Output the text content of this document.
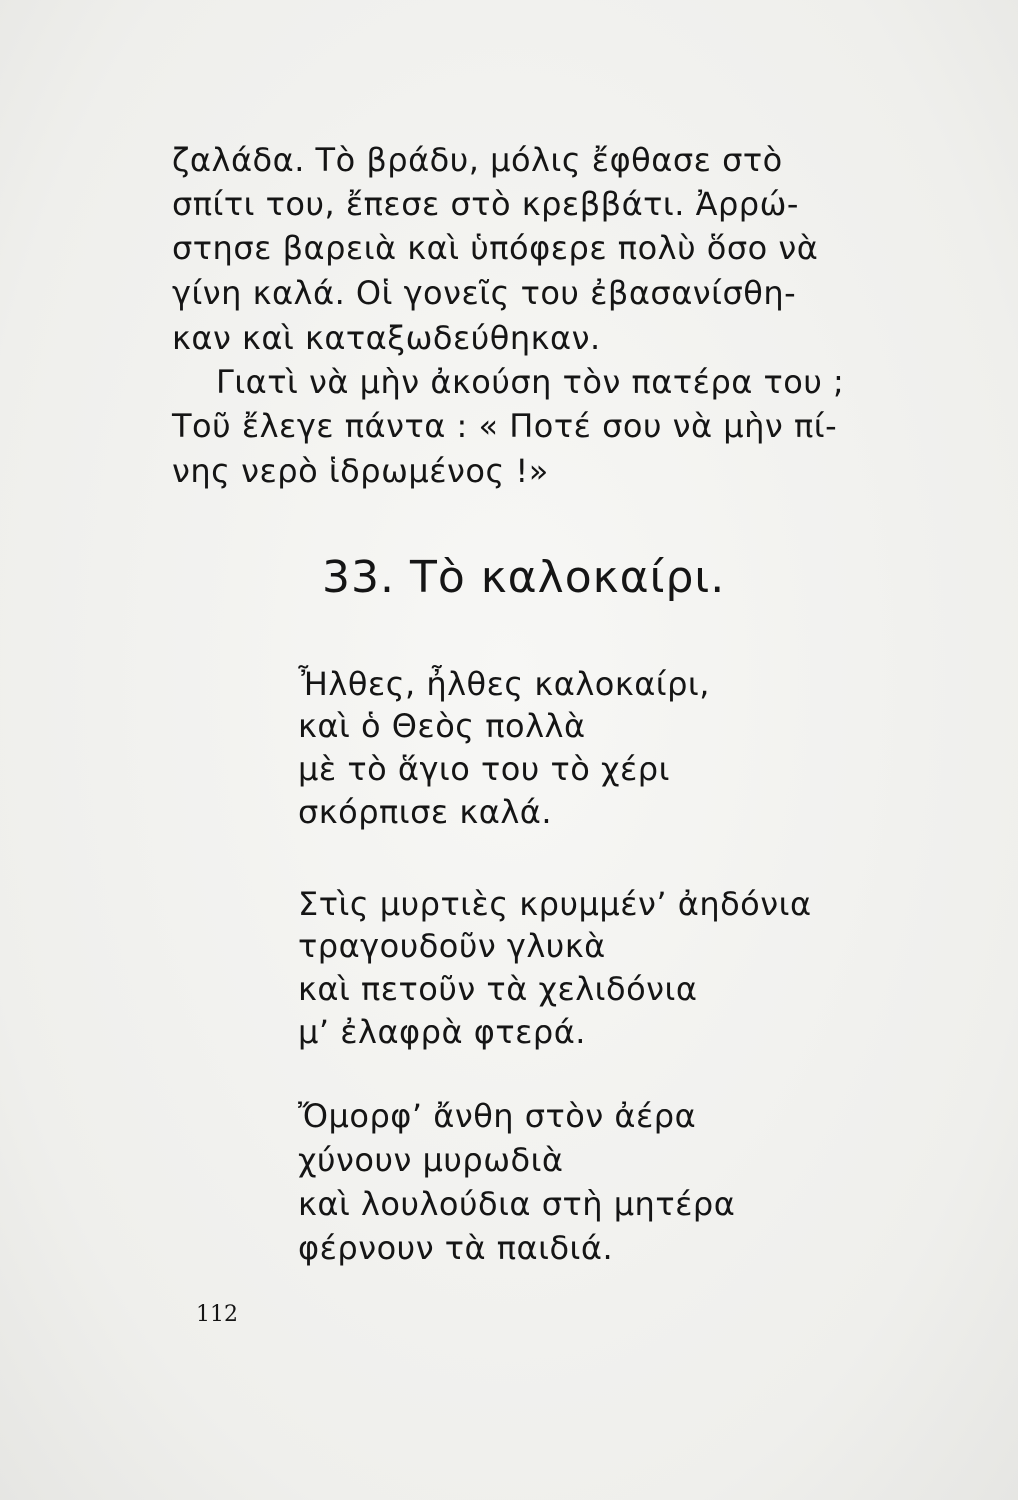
ζαλάδα. Τὸ βράδυ, μόλις ἔφθασε στὸ
σπίτι του, ἔπεσε στὸ κρεββάτι. Ἀρρώ-
στησε βαρειὰ καὶ ὑπόφερε πολὺ ὅσο νὰ
γίνη καλά. Οἱ γονεῖς του ἐβασανίσθη-
καν καὶ καταξωδεύθηκαν.
Γιατὶ νὰ μὴν ἀκούση τὸν πατέρα του ;
Τοῦ ἔλεγε πάντα : « Ποτέ σου νὰ μὴν πί-
νης νερὸ ἱδρωμένος !»
33. Τὸ καλοκαίρι.
Ἦλθες, ἦλθες καλοκαίρι,
καὶ ὁ Θεὸς πολλὰ
μὲ τὸ ἅγιο του τὸ χέρι
σκόρπισε καλά.
Στὶς μυρτιὲς κρυμμέν’ ἀηδόνια
τραγουδοῦν γλυκὰ
καὶ πετοῦν τὰ χελιδόνια
μ’ ἐλαφρὰ φτερά.
Ὄμορφ’ ἄνθη στὸν ἀέρα
χύνουν μυρωδιὰ
καὶ λουλούδια στὴ μητέρα
φέρνουν τὰ παιδιά.
112
